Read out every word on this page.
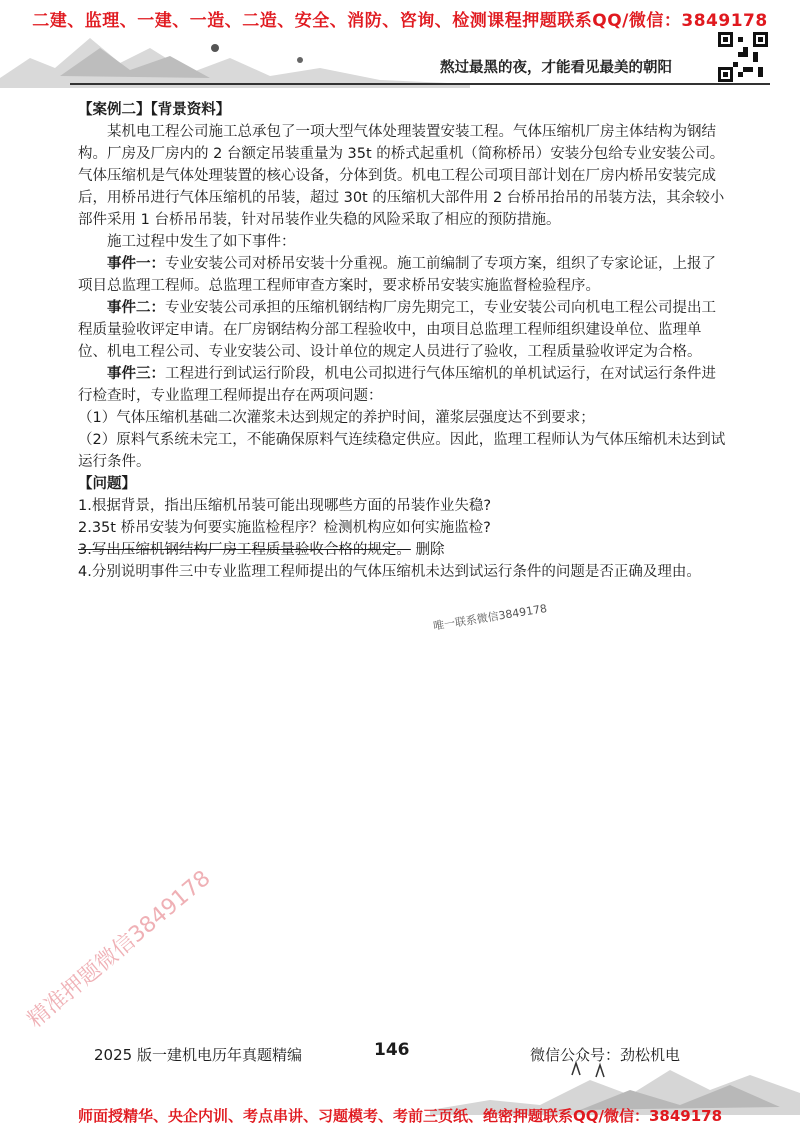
二建、监理、一建、一造、二造、安全、消防、咨询、检测课程押题联系QQ/微信：3849178
熬过最黑的夜，才能看见最美的朝阳

【案例二】【背景资料】

某机电工程公司施工总承包了一项大型气体处理装置安装工程。气体压缩机厂房主体结构为钢结构。厂房及厂房内的 2 台额定吊装重量为 35t 的桥式起重机（简称桥吊）安装分包给专业安装公司。气体压缩机是气体处理装置的核心设备，分体到货。机电工程公司项目部计划在厂房内桥吊安装完成后，用桥吊进行气体压缩机的吊装，超过 30t 的压缩机大部件用 2 台桥吊抬吊的吊装方法，其余较小部件采用 1 台桥吊吊装，针对吊装作业失稳的风险采取了相应的预防措施。

施工过程中发生了如下事件：

事件一：专业安装公司对桥吊安装十分重视。施工前编制了专项方案，组织了专家论证，上报了项目总监理工程师。总监理工程师审查方案时，要求桥吊安装实施监督检验程序。

事件二：专业安装公司承担的压缩机钢结构厂房先期完工，专业安装公司向机电工程公司提出工程质量验收评定申请。在厂房钢结构分部工程验收中，由项目总监理工程师组织建设单位、监理单位、机电工程公司、专业安装公司、设计单位的规定人员进行了验收，工程质量验收评定为合格。

事件三：工程进行到试运行阶段，机电公司拟进行气体压缩机的单机试运行，在对试运行条件进行检查时，专业监理工程师提出存在两项问题：

（1）气体压缩机基础二次灌浆未达到规定的养护时间，灌浆层强度达不到要求；

（2）原料气系统未完工，不能确保原料气连续稳定供应。因此，监理工程师认为气体压缩机未达到试运行条件。

【问题】

1.根据背景，指出压缩机吊装可能出现哪些方面的吊装作业失稳?

2.35t 桥吊安装为何要实施监检程序？检测机构应如何实施监检?

3.写出压缩机钢结构厂房工程质量验收合格的规定。 删除

4.分别说明事件三中专业监理工程师提出的气体压缩机未达到试运行条件的问题是否正确及理由。

唯一联系微信3849178
精准押题微信3849178
2025 版一建机电历年真题精编	146	微信公众号：劲松机电
师面授精华、央企内训、考点串讲、习题模考、考前三页纸、绝密押题联系QQ/微信：3849178
